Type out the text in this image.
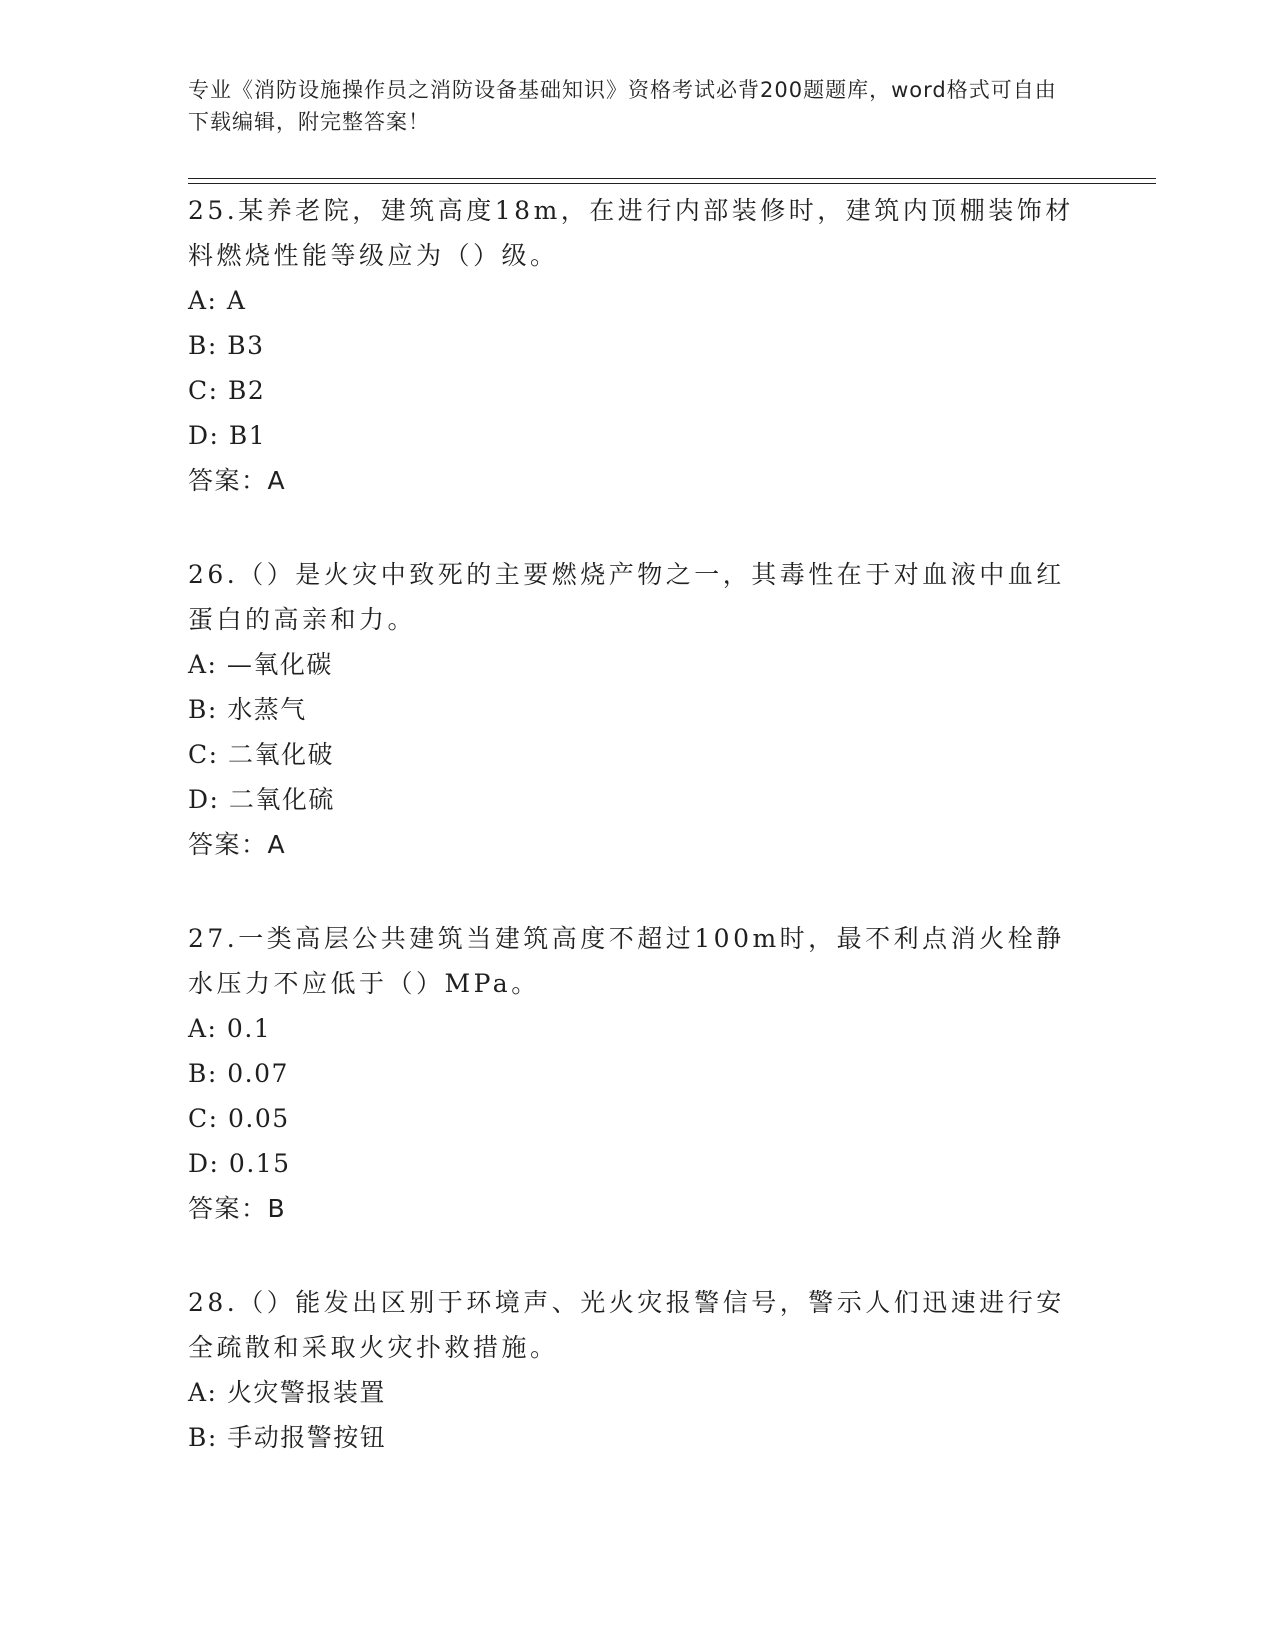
专业《消防设施操作员之消防设备基础知识》资格考试必背200题题库，word格式可自由下载编辑，附完整答案！

25.某养老院，建筑高度18m，在进行内部装修时，建筑内顶棚装饰材料燃烧性能等级应为（）级。

A: A

B: B3

C: B2

D: B1

答案：A

26.（）是火灾中致死的主要燃烧产物之一，其毒性在于对血液中血红蛋白的高亲和力。

A: —氧化碳

B: 水蒸气

C: 二氧化破

D: 二氧化硫

答案：A

27.一类高层公共建筑当建筑高度不超过100m时，最不利点消火栓静水压力不应低于（）MPa。

A: 0.1

B: 0.07

C: 0.05

D: 0.15

答案：B

28.（）能发出区别于环境声、光火灾报警信号，警示人们迅速进行安全疏散和采取火灾扑救措施。

A: 火灾警报装置

B: 手动报警按钮
